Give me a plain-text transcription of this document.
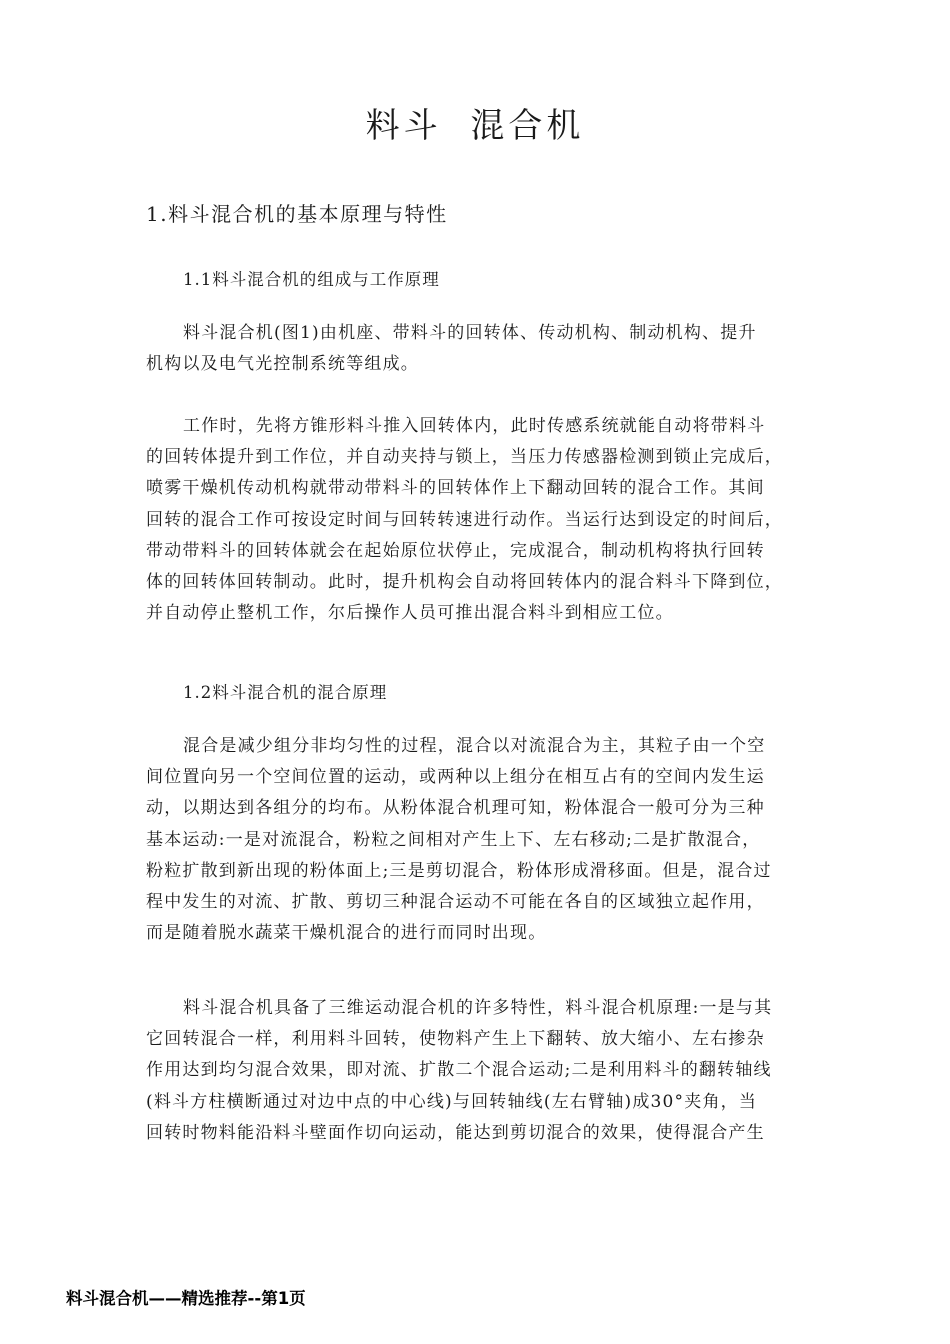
料斗 混合机
1.料斗混合机的基本原理与特性
1.1料斗混合机的组成与工作原理
料斗混合机(图1)由机座、带料斗的回转体、传动机构、制动机构、提升
机构以及电气光控制系统等组成。
工作时，先将方锥形料斗推入回转体内，此时传感系统就能自动将带料斗
的回转体提升到工作位，并自动夹持与锁上，当压力传感器检测到锁止完成后，
喷雾干燥机传动机构就带动带料斗的回转体作上下翻动回转的混合工作。其间
回转的混合工作可按设定时间与回转转速进行动作。当运行达到设定的时间后，
带动带料斗的回转体就会在起始原位状停止，完成混合，制动机构将执行回转
体的回转体回转制动。此时，提升机构会自动将回转体内的混合料斗下降到位，
并自动停止整机工作，尔后操作人员可推出混合料斗到相应工位。
1.2料斗混合机的混合原理
混合是减少组分非均匀性的过程，混合以对流混合为主，其粒子由一个空
间位置向另一个空间位置的运动，或两种以上组分在相互占有的空间内发生运
动，以期达到各组分的均布。从粉体混合机理可知，粉体混合一般可分为三种
基本运动:一是对流混合，粉粒之间相对产生上下、左右移动;二是扩散混合，
粉粒扩散到新出现的粉体面上;三是剪切混合，粉体形成滑移面。但是，混合过
程中发生的对流、扩散、剪切三种混合运动不可能在各自的区域独立起作用，
而是随着脱水蔬菜干燥机混合的进行而同时出现。
料斗混合机具备了三维运动混合机的许多特性，料斗混合机原理:一是与其
它回转混合一样，利用料斗回转，使物料产生上下翻转、放大缩小、左右掺杂
作用达到均匀混合效果，即对流、扩散二个混合运动;二是利用料斗的翻转轴线
(料斗方柱横断通过对边中点的中心线)与回转轴线(左右臂轴)成30°夹角，当
回转时物料能沿料斗壁面作切向运动，能达到剪切混合的效果，使得混合产生
料斗混合机——精选推荐--第1页
